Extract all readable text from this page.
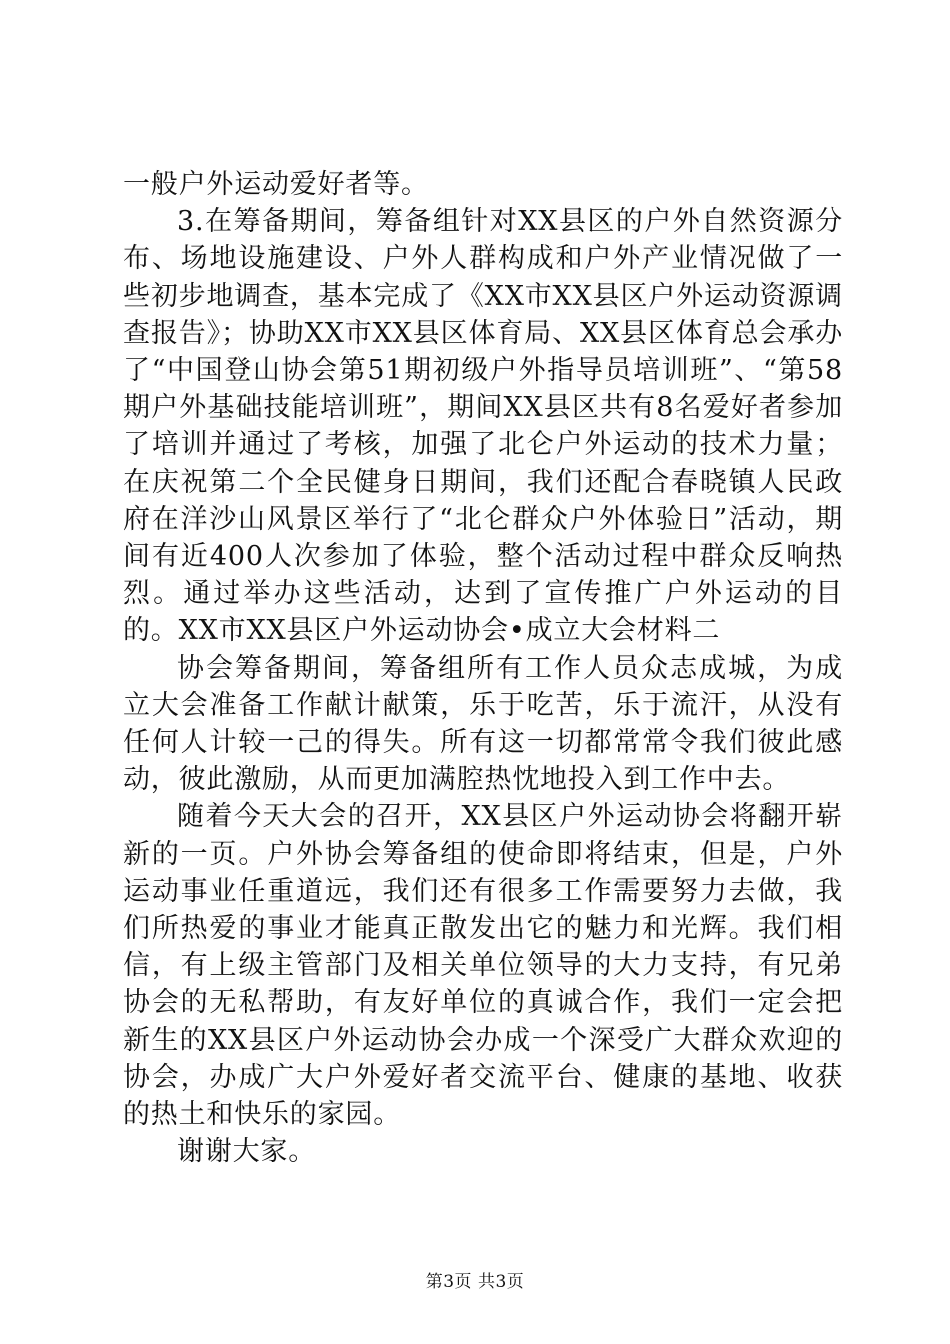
一般户外运动爱好者等。

3.在筹备期间，筹备组针对XX县区的户外自然资源分布、场地设施建设、户外人群构成和户外产业情况做了一些初步地调查，基本完成了《XX市XX县区户外运动资源调查报告》；协助XX市XX县区体育局、XX县区体育总会承办了“中国登山协会第51期初级户外指导员培训班”、“第58期户外基础技能培训班”，期间XX县区共有8名爱好者参加了培训并通过了考核，加强了北仑户外运动的技术力量；在庆祝第二个全民健身日期间，我们还配合春晓镇人民政府在洋沙山风景区举行了“北仑群众户外体验日”活动，期间有近400人次参加了体验，整个活动过程中群众反响热烈。通过举办这些活动，达到了宣传推广户外运动的目的。XX市XX县区户外运动协会•成立大会材料二

协会筹备期间，筹备组所有工作人员众志成城，为成立大会准备工作献计献策，乐于吃苦，乐于流汗，从没有任何人计较一己的得失。所有这一切都常常令我们彼此感动，彼此激励，从而更加满腔热忱地投入到工作中去。

随着今天大会的召开，XX县区户外运动协会将翻开崭新的一页。户外协会筹备组的使命即将结束，但是，户外运动事业任重道远，我们还有很多工作需要努力去做，我们所热爱的事业才能真正散发出它的魅力和光辉。我们相信，有上级主管部门及相关单位领导的大力支持，有兄弟协会的无私帮助，有友好单位的真诚合作，我们一定会把新生的XX县区户外运动协会办成一个深受广大群众欢迎的协会，办成广大户外爱好者交流平台、健康的基地、收获的热土和快乐的家园。

谢谢大家。

第3页 共3页
